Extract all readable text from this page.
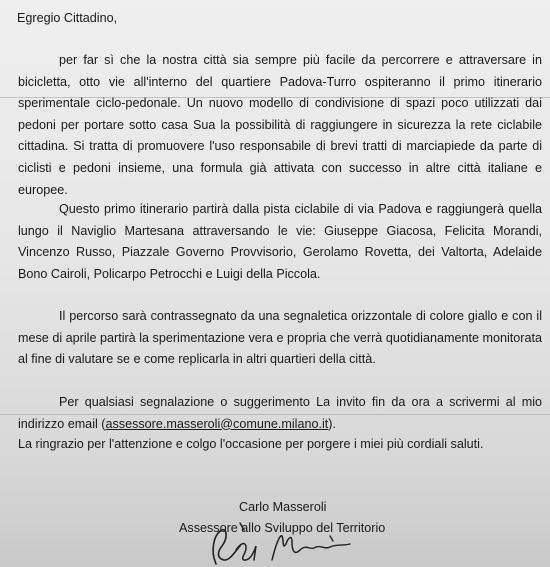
Egregio Cittadino,

per far sì che la nostra città sia sempre più facile da percorrere e attraversare in bicicletta, otto vie all'interno del quartiere Padova-Turro ospiteranno il primo itinerario sperimentale ciclo-pedonale. Un nuovo modello di condivisione di spazi poco utilizzati dai pedoni per portare sotto casa Sua la possibilità di raggiungere in sicurezza la rete ciclabile cittadina. Si tratta di promuovere l'uso responsabile di brevi tratti di marciapiede da parte di ciclisti e pedoni insieme, una formula già attivata con successo in altre città italiane e europee.

Questo primo itinerario partirà dalla pista ciclabile di via Padova e raggiungerà quella lungo il Naviglio Martesana attraversando le vie: Giuseppe Giacosa, Felicita Morandi, Vincenzo Russo, Piazzale Governo Provvisorio, Gerolamo Rovetta, dei Valtorta, Adelaide Bono Cairoli, Policarpo Petrocchi e Luigi della Piccola.

Il percorso sarà contrassegnato da una segnaletica orizzontale di colore giallo e con il mese di aprile partirà la sperimentazione vera e propria che verrà quotidianamente monitorata al fine di valutare se e come replicarla in altri quartieri della città.

Per qualsiasi segnalazione o suggerimento La invito fin da ora a scrivermi al mio indirizzo email (assessore.masseroli@comune.milano.it).

La ringrazio per l'attenzione e colgo l'occasione per porgere i miei più cordiali saluti.

Carlo Masseroli

Assessore allo Sviluppo del Territorio
